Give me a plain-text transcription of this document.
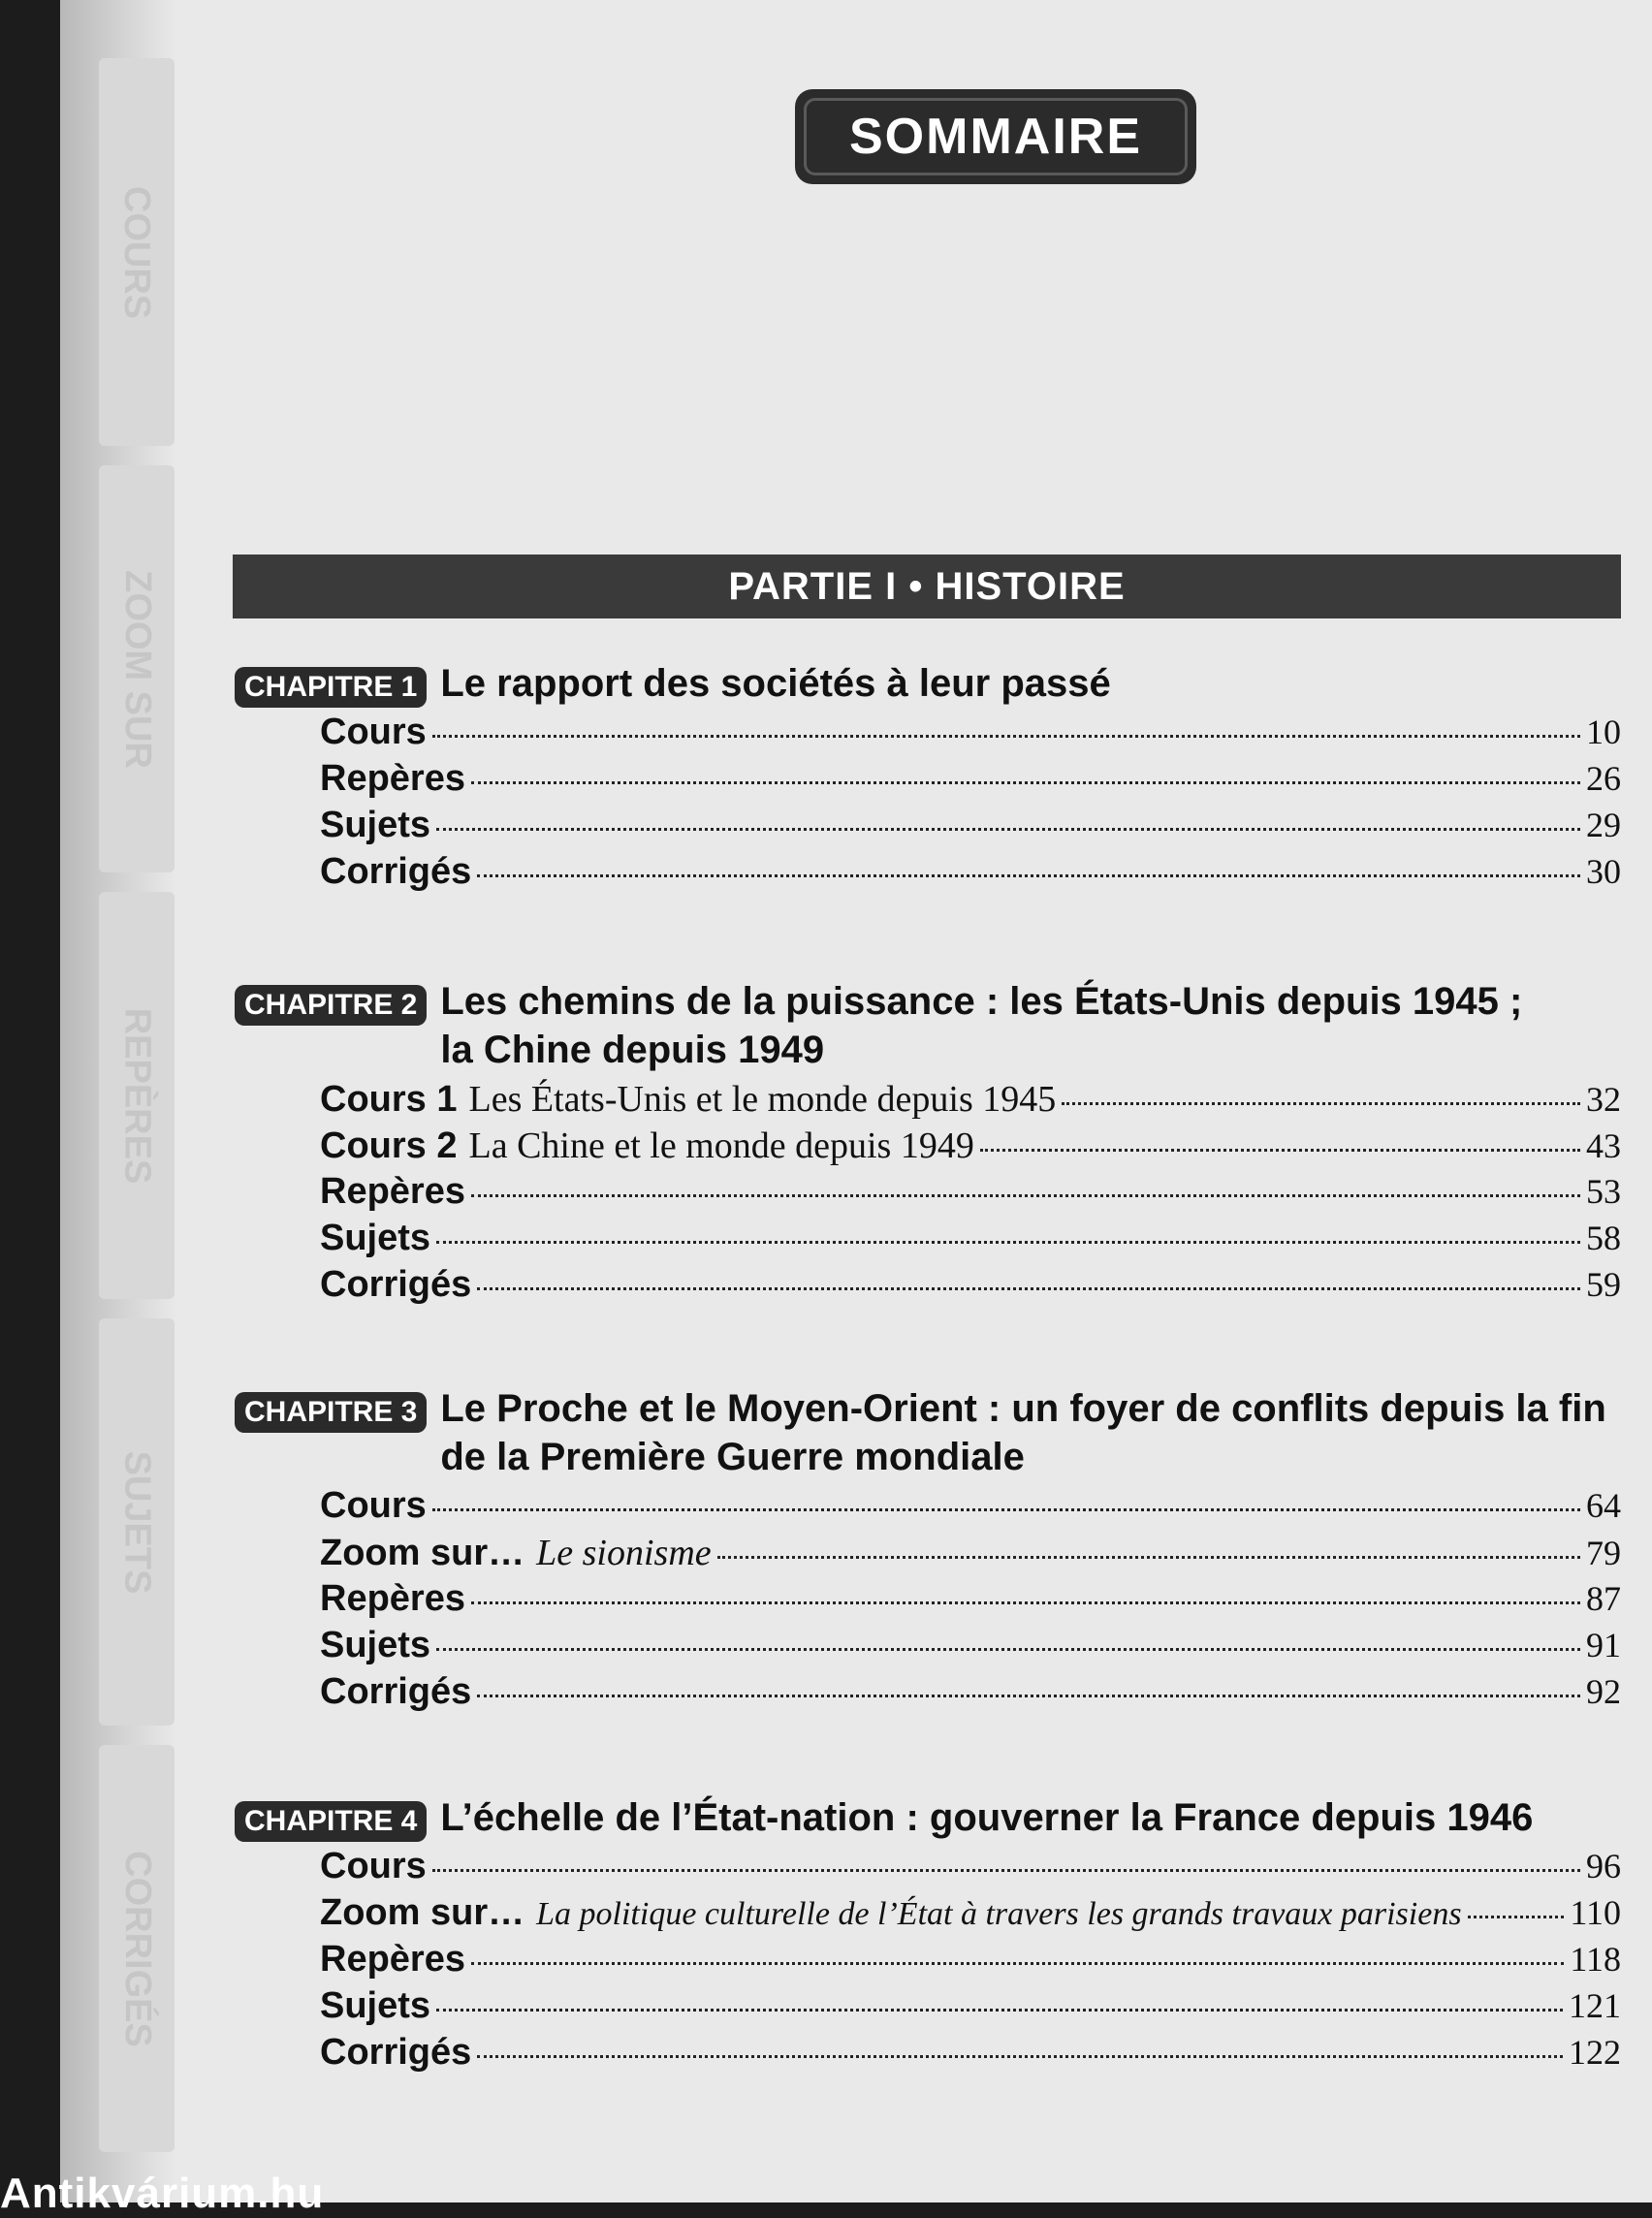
COURS
ZOOM SUR
REPÈRES
SUJETS
CORRIGÉS
SOMMAIRE
PARTIE I • HISTOIRE
CHAPITRE 1 Le rapport des sociétés à leur passé
Cours	10
Repères	26
Sujets	29
Corrigés	30
CHAPITRE 2 Les chemins de la puissance : les États-Unis depuis 1945 ;
la Chine depuis 1949
Cours 1 Les États-Unis et le monde depuis 1945	32
Cours 2 La Chine et le monde depuis 1949	43
Repères	53
Sujets	58
Corrigés	59
CHAPITRE 3 Le Proche et le Moyen-Orient : un foyer de conflits depuis la fin
de la Première Guerre mondiale
Cours	64
Zoom sur… Le sionisme	79
Repères	87
Sujets	91
Corrigés	92
CHAPITRE 4 L’échelle de l’État-nation : gouverner la France depuis 1946
Cours	96
Zoom sur… La politique culturelle de l’État à travers les grands travaux parisiens	110
Repères	118
Sujets	121
Corrigés	122
Antikvárium.hu
